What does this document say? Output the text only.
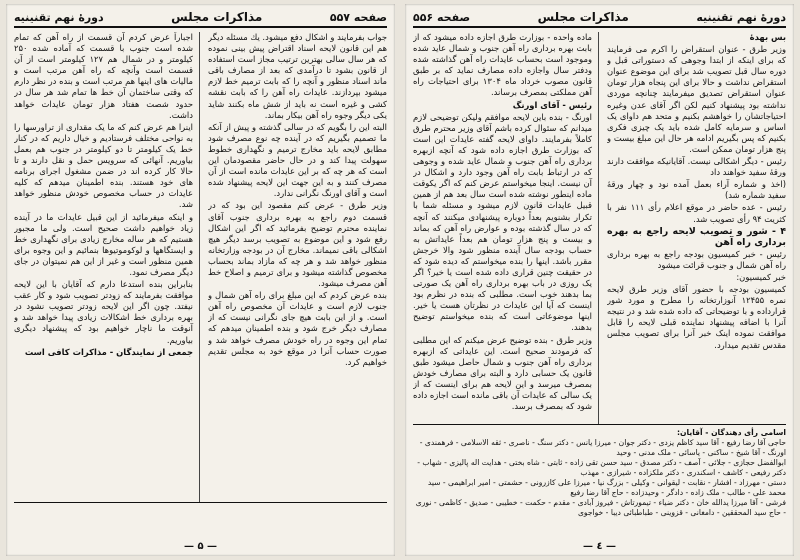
دورهٔ نهم تقنینیه
مذاکرات مجلس
صفحه ۵۵۶

بس بهدهٔ

وزیر طرق - عنوان استقراض را اکرم می فرمایند که برای اینکه از ابتدا وجوهی که دستوراتی قبل و دوره سال قبل تصویب شد برای این موضوع عنوان استقراض نداشت و حالا برای این پنجاه هزار تومان عنوان استقراض تصدیق میفرمایند چنانچه موردی نداشته بود پیشنهاد کنیم لکن اگر آقای عدن وغیره احتیاجاتشان را خواهشم بکنیم و متحد هم داوای یک اساس و سرمایه کامل شده باید یک چیزی فکری بکنیم که پس بگیریم ادامه هر حال این مبلغ بیست و پنج هزار تومان ممکن است.

رئیس - دیگر اشکالی نیست. آقایانیکه موافقت دارند ورقهٔ سفید خواهند داد

(اخذ و شماره آراء بعمل آمده نود و چهار ورقهٔ سفید شماره شد)

رئیس - عده حاضر در موقع اعلام رأی ۱۱۱ نفر با کثریت ۹۴ رأی تصویب شد.

۴ - شور و تصویب لایحه راجع به بهره برداری راه آهن

رئیس - خبر کمیسیون بودجه راجع به بهره برداری راه آهن شمال و جنوب قرائت میشود

خبر کمیسیون:

کمیسیون بودجه با حضور آقای وزیر طرق لایحه نمره ۱۲۴۵۵ آنوزارتخانه را مطرح و مورد شور قرارداده و با توضیحاتی که داده شده شد و در نتیجه آنرا با اضافه پیشنهاد نماینده قبلی لایحه را قابل موافقت نموده اینک خبر آنرا برای تصویب مجلس مقدس تقدیم میدارد.

ماده واحده - بوزارت طرق اجازه داده میشود که از بابت بهره برداری راه آهن جنوب و شمال عاید شده وموجود است بحساب عایدات راه آهن گذاشته شده ودفتر سال واجازه داده مصارف نماید که بر طبق قانون مصوب خرداد ماه ۱۳۰۴ برای احتیاجات راه آهن مملکتی بمصرف برساند.

رئیس - آقای اورنگ

اورنگ - بنده باین لایحه موافقم ولیکن توضیحی لازم میدانم که سئوال کرده باشم آقای وزیر محترم طرق کاملاً بفرمایند. داوای لایحه گفته عایدات این است که بوزارت طرق اجازه داده شود که آنچه ازبهره برداری راه آهن جنوب و شمال عاید شده و وجوهی که در ارتباط بابت راه آهن وجود دارد و اشکال در آن نیست. اینجا میخواستم عرض کنم که اگر یکوقت ماده اینطور نوشته شده است سال بعد هم از همین قبیل عایدات قانون لازم میشود و مسئله شما با تکرار بشنویم بعداً دوباره پیشنهادی میکنند که آنچه که در سال گذشته بوده و عوارض راه آهن که بماند و بیست و پنج هزار تومان هم بعداً عایداتش به حساب بودجه سال آینده منظور شود والا خرجش مقرر باشد. اینها را بنده میخواستم که دیده شود که در حقیقت چنین قراری داده شده است یا خیر؟ اگر یک روزی در باب بهره برداری راه آهن یک صورتی بما بدهند خوب است. مطلبی که بنده در نظرم بود اینست که آیا این عایدات در نظرتان هست یا خیر. اینها موضوعاتی است که بنده میخواستم توضیح بدهند.

وزیر طرق - بنده توضیح عرض میکنم که این مطلبی که فرمودند صحیح است. این عایداتی که ازبهره برداری راه آهن جنوب و شمال حاصل میشود طبق قانون یک حسابی دارد و البته برای مصارف خودش بمصرف میرسد و این لایحه هم برای اینست که از یک سالی که عایدات آن باقی مانده است اجازه داده شود که بمصرف برسد.

اسامی رأی دهندگان - آقایان:
حاجی آقا رضا رفیع - آقا سید کاظم یزدی - دکتر جوان - میرزا یانس - دکتر سنگ - ناصری - ثقه الاسلامی - فرهمندی - اورنگ - آقا شیخ - ساکنی - یاسائی - ملک مدنی - وحید
ابوالفضل حجازی - جلائی - آصف - دکتر مصدق - سید حسن تقی زاده - ثابتی - شاه بختی - هدایت اله پالیزی - شهاب - دکتر رفیعی - کاشف - اسکندری - دکتر ملکزاده - شیرازی - مهذب
دستی - مهرزاد - افشار - نقابت - لیقوانی - وکیلی - بزرگ نیا - میرزا علی کازرونی - حشمتی - امیر ابراهیمی - سید محمد علی - طالب - ملک زاده - دادگر - وحیدزاده - حاج آقا رضا رفیع
فرشی - آقا میرزا یدالله خان - دکتر ضیاء - تیمورتاش - فیروز آبادی - مقدم - حکمت - خطیبی - صدیق - کاظمی - نوری - حاج سید المحققین - دامغانی - قزوینی - طباطبائی دیبا - خواجوی
— ٤ —
صفحه ۵۵۷
مذاکرات مجلس
دورهٔ نهم تقنینیه

جواب بفرمایند و اشکال دفع میشود. یك مسئله دیگر هم این قانون لایحه اسناد اقتراض پیش بینی نموده که هر سال سالی بهترین ترتیب مجاز است استفاده از قانون بشود تا درآمدی که بعد از مصارف باقی ماند اسناد منظور و آنچه را که بابت ترمیم خط لازم میشود بپردازند. عایدات راه آهن را که بابت نقشه کشی و غیره است نه باید از شش ماه بکنند شاید یکی دیگر وجوه راه آهن بیکار بماند.

البته این را بگویم که در سالی گذشته و پیش از آنکه ما تصمیم بگیریم که در آینده چه نوع مصرف شود مطابق لایحه باید مخارج ترمیم و نگهداری خطوط سهولت پیدا کند و در حال حاضر مقصودمان این است که هر چه که بر این عایدات مانده است از آن مصرف کنند و به این جهت این لایحه پیشنهاد شده است و آقای اورنگ نگرانی ندارد.

وزیر طرق - عرض کنم مقصود این بود که در قسمت دوم راجع به بهره برداری جنوب آقای نماینده محترم توضیح بفرمائید که اگر این اشکال رفع شود و این موضوع به تصویب برسد دیگر هیچ اشکالی باقی نمیماند. مخارج آن در بودجه وزارتخانه منظور خواهد شد و هر چه که مازاد بماند بحساب مخصوص گذاشته میشود و برای ترمیم و اصلاح خط آهن مصرف میشود.

بنده عرض کردم که این مبلغ برای راه آهن شمال و جنوب لازم است و عایدات آن مخصوص راه آهن است. و از این بابت هیچ جای نگرانی نیست که از مصارف دیگر خرج شود و بنده اطمینان میدهم که تمام این وجوه در راه خودش مصرف خواهد شد و صورت حساب آنرا در موقع خود به مجلس تقدیم خواهیم کرد.

اجباراً عرض کردم آن قسمت از راه آهن که تمام شده است جنوب با قسمت که آماده شده ۲۵۰ کیلومتر و در شمال هم ۱۲۷ کیلومتر است از آن قسمت است وآنچه که راه آهن مرتب است و مالیات های اینها هم مرتب است و بنده در نظر دارم که وقتی ساختمان آن خط ها تمام شد هر سال در حدود شصت هفتاد هزار تومان عایدات خواهد داشت.

اینرا هم عرض کنم که ما یک مقداری از تراورسها را به نواحی مختلف فرستادیم و خیال داریم که در کنار خط یک کیلومتر تا دو کیلومتر در جنوب هم بعمل بیاوریم. آنهائی که سرویس حمل و نقل دارند و تا حالا کار کرده اند در ضمن مشغول اجرای برنامه های خود هستند. بنده اطمینان میدهم که کلیه عایدات در حساب مخصوص خودش منظور خواهد شد.

و اینکه میفرمائید از این قبیل عایدات ما در آینده زیاد خواهیم داشت صحیح است. ولی ما مجبور هستیم که هر ساله مخارج زیادی برای نگهداری خط و ایستگاهها و لوکوموتیوها بنمائیم و این وجوه برای همین منظور است و غیر از این هم نمیتوان در جای دیگر مصرف نمود.

بنابراین بنده استدعا دارم که آقایان با این لایحه موافقت بفرمایند که زودتر تصویب شود و کار عقب نیفتد. چون اگر این لایحه زودتر تصویب نشود در بهره برداری خط اشکالات زیادی پیدا خواهد شد و آنوقت ما ناچار خواهیم بود که پیشنهاد دیگری بیاوریم.

جمعی از نمایندگان - مذاکرات کافی است

— ۵ —
